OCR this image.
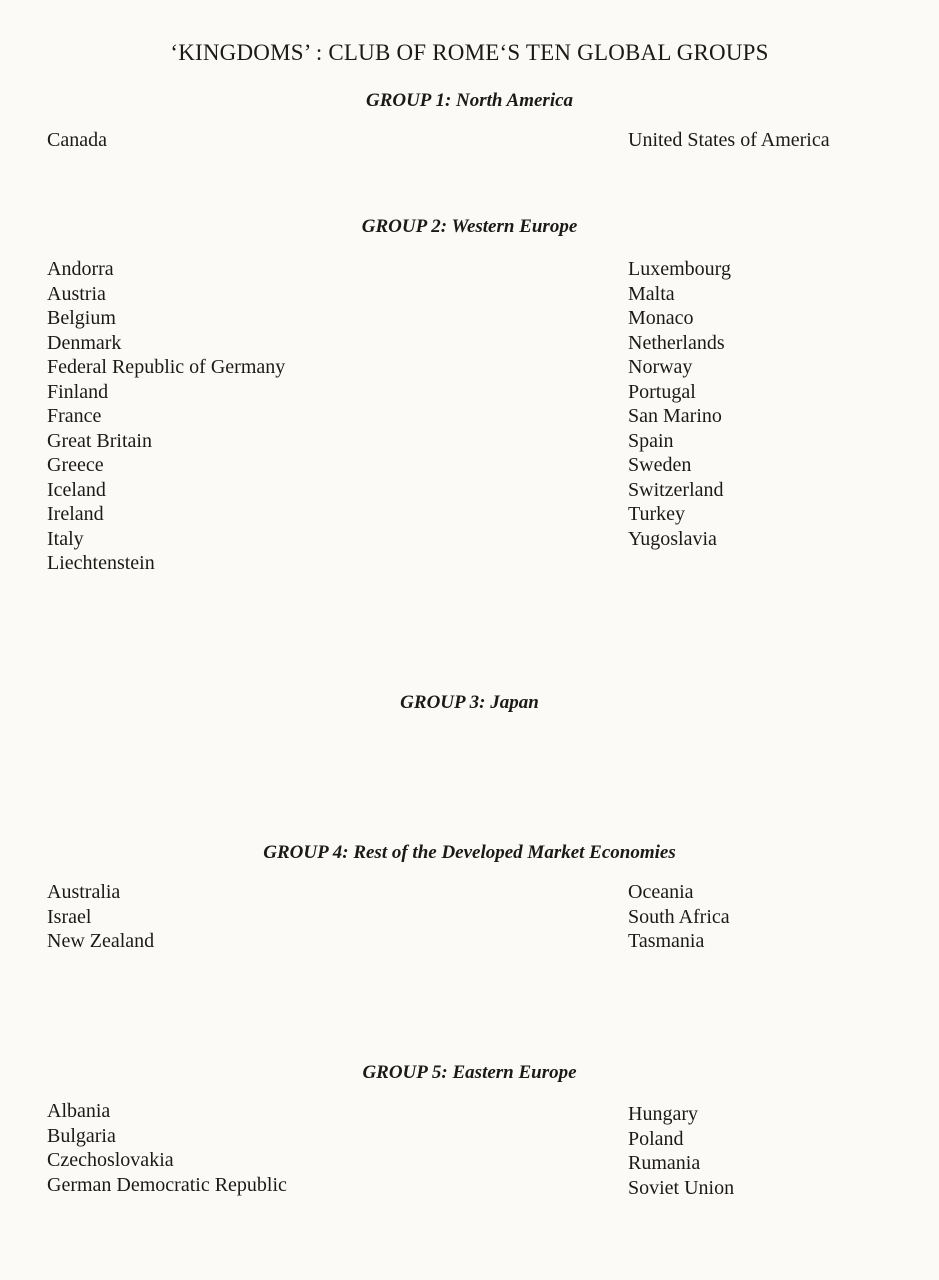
‘KINGDOMS’ : CLUB OF ROME‘S TEN GLOBAL GROUPS
GROUP 1: North America
Canada	United States of America
GROUP 2: Western Europe
Andorra
Austria
Belgium
Denmark
Federal Republic of Germany
Finland
France
Great Britain
Greece
Iceland
Ireland
Italy
Liechtenstein
Luxembourg
Malta
Monaco
Netherlands
Norway
Portugal
San Marino
Spain
Sweden
Switzerland
Turkey
Yugoslavia
GROUP 3: Japan
GROUP 4: Rest of the Developed Market Economies
Australia
Israel
New Zealand
Oceania
South Africa
Tasmania
GROUP 5: Eastern Europe
Albania
Bulgaria
Czechoslovakia
German Democratic Republic
Hungary
Poland
Rumania
Soviet Union
